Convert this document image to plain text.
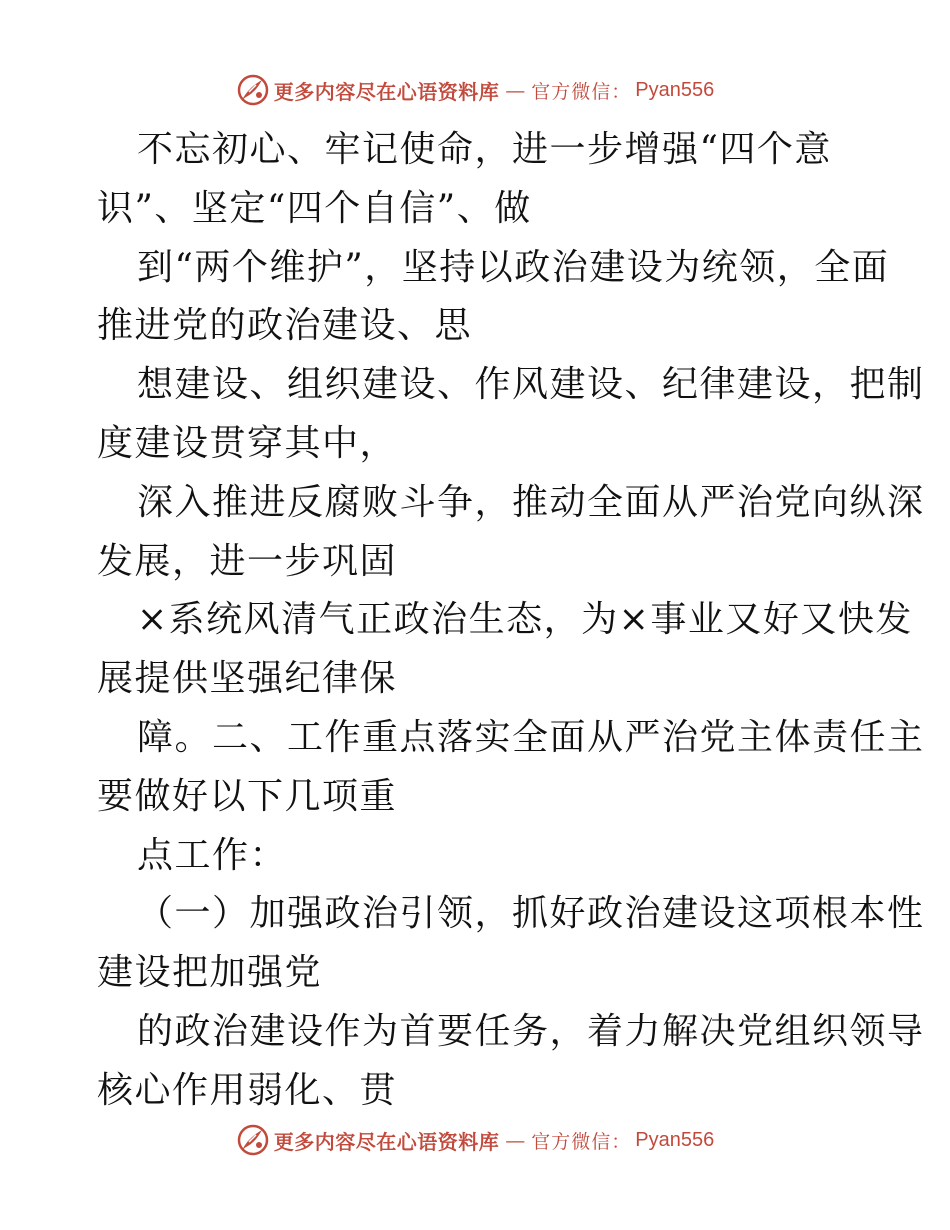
更多内容尽在心语资料库 — 官方微信： Pyan556
不忘初心、牢记使命，进一步增强“四个意
识”、坚定“四个自信”、做
到“两个维护”，坚持以政治建设为统领，全面
推进党的政治建设、思
想建设、组织建设、作风建设、纪律建设，把制
度建设贯穿其中，
深入推进反腐败斗争，推动全面从严治党向纵深
发展，进一步巩固
×系统风清气正政治生态，为×事业又好又快发
展提供坚强纪律保
障。二、工作重点落实全面从严治党主体责任主
要做好以下几项重
点工作：
（一）加强政治引领，抓好政治建设这项根本性
建设把加强党
的政治建设作为首要任务，着力解决党组织领导
核心作用弱化、贯
更多内容尽在心语资料库 — 官方微信： Pyan556
